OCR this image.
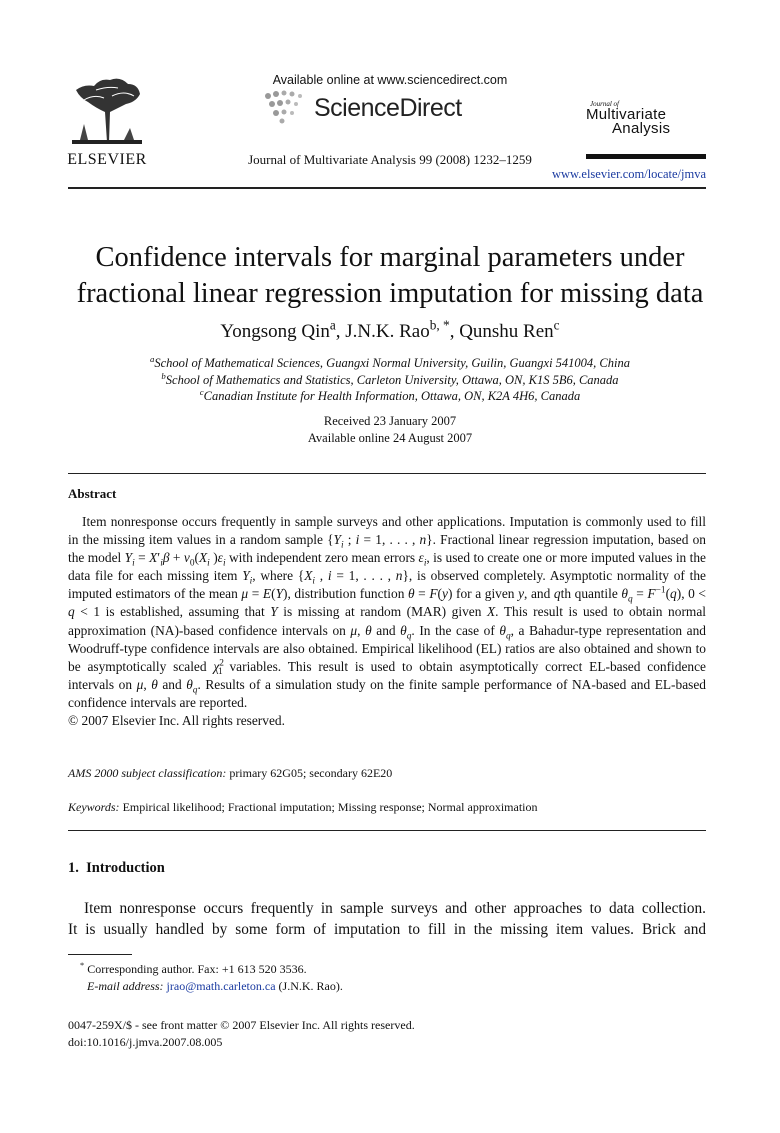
ELSEVIER
Available online at www.sciencedirect.com
ScienceDirect
Journal of Multivariate Analysis 99 (2008) 1232–1259
Journal of
Multivariate
Analysis
www.elsevier.com/locate/jmva
Confidence intervals for marginal parameters under
fractional linear regression imputation for missing data
Yongsong Qin$^a$, J.N.K. Rao$^{b, *}$, Qunshu Ren$^c$
$^a$School of Mathematical Sciences, Guangxi Normal University, Guilin, Guangxi 541004, China
$^b$School of Mathematics and Statistics, Carleton University, Ottawa, ON, K1S 5B6, Canada
$^c$Canadian Institute for Health Information, Ottawa, ON, K2A 4H6, Canada
Received 23 January 2007
Available online 24 August 2007
Abstract
Item nonresponse occurs frequently in sample surveys and other applications. Imputation is commonly used to fill in the missing item values in a random sample {$Y_i$ ; i = 1, . . . , n}. Fractional linear regression imputation, based on the model $Y_i = X'_i\beta + v_0(X_i$ )$\varepsilon_i$ with independent zero mean errors $\varepsilon_i$, is used to create one or more imputed values in the data file for each missing item $Y_i$, where {$X_i$ , i = 1, . . . , n}, is observed completely. Asymptotic normality of the imputed estimators of the mean μ = E(Y), distribution function θ = F(y) for a given y, and qth quantile $\theta_q = F^{-1}(q)$, 0 < q < 1 is established, assuming that Y is missing at random (MAR) given X. This result is used to obtain normal approximation (NA)-based confidence intervals on μ, θ and $\theta_q$. In the case of $\theta_q$, a Bahadur-type representation and Woodruff-type confidence intervals are also obtained. Empirical likelihood (EL) ratios are also obtained and shown to be asymptotically scaled $\chi^2_1$ variables. This result is used to obtain asymptotically correct EL-based confidence intervals on μ, θ and $\theta_q$. Results of a simulation study on the finite sample performance of NA-based and EL-based confidence intervals are reported.
© 2007 Elsevier Inc. All rights reserved.
AMS 2000 subject classification: primary 62G05; secondary 62E20
Keywords: Empirical likelihood; Fractional imputation; Missing response; Normal approximation
1.  Introduction
Item nonresponse occurs frequently in sample surveys and other approaches to data collection.
It is usually handled by some form of imputation to fill in the missing item values. Brick and
* Corresponding author. Fax: +1 613 520 3536.
E-mail address: jrao@math.carleton.ca (J.N.K. Rao).
0047-259X/$ - see front matter © 2007 Elsevier Inc. All rights reserved.
doi:10.1016/j.jmva.2007.08.005
